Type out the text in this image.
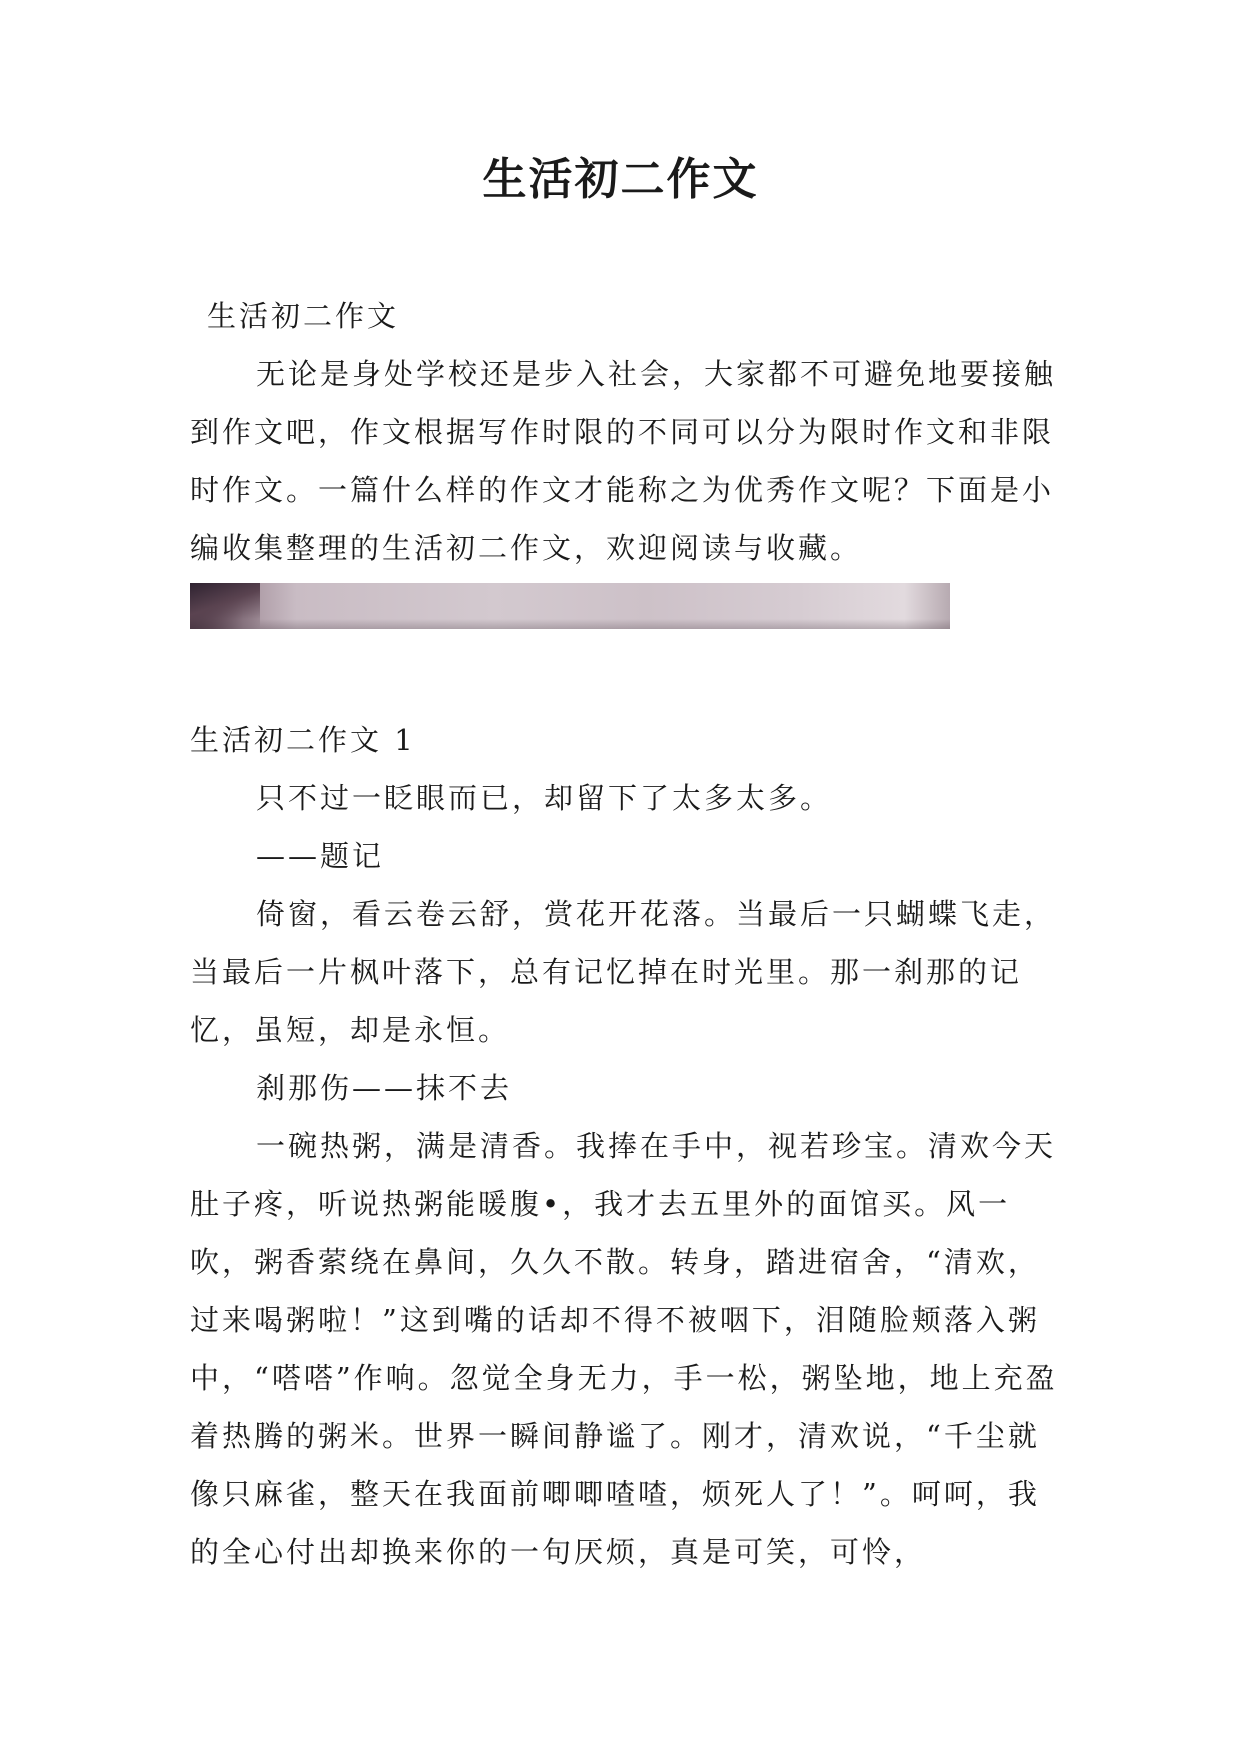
生活初二作文

生活初二作文

无论是身处学校还是步入社会，大家都不可避免地要接触到作文吧，作文根据写作时限的不同可以分为限时作文和非限时作文。一篇什么样的作文才能称之为优秀作文呢？下面是小编收集整理的生活初二作文，欢迎阅读与收藏。

生活初二作文 1

只不过一眨眼而已，却留下了太多太多。

——题记

倚窗，看云卷云舒，赏花开花落。当最后一只蝴蝶飞走，当最后一片枫叶落下，总有记忆掉在时光里。那一刹那的记忆，虽短，却是永恒。

刹那伤——抹不去

一碗热粥，满是清香。我捧在手中，视若珍宝。清欢今天肚子疼，听说热粥能暖腹•，我才去五里外的面馆买。风一吹，粥香萦绕在鼻间，久久不散。转身，踏进宿舍，“清欢，过来喝粥啦！”这到嘴的话却不得不被咽下，泪随脸颊落入粥中，“嗒嗒”作响。忽觉全身无力，手一松，粥坠地，地上充盈着热腾的粥米。世界一瞬间静谧了。刚才，清欢说，“千尘就像只麻雀，整天在我面前唧唧喳喳，烦死人了！”。呵呵，我的全心付出却换来你的一句厌烦，真是可笑，可怜，
